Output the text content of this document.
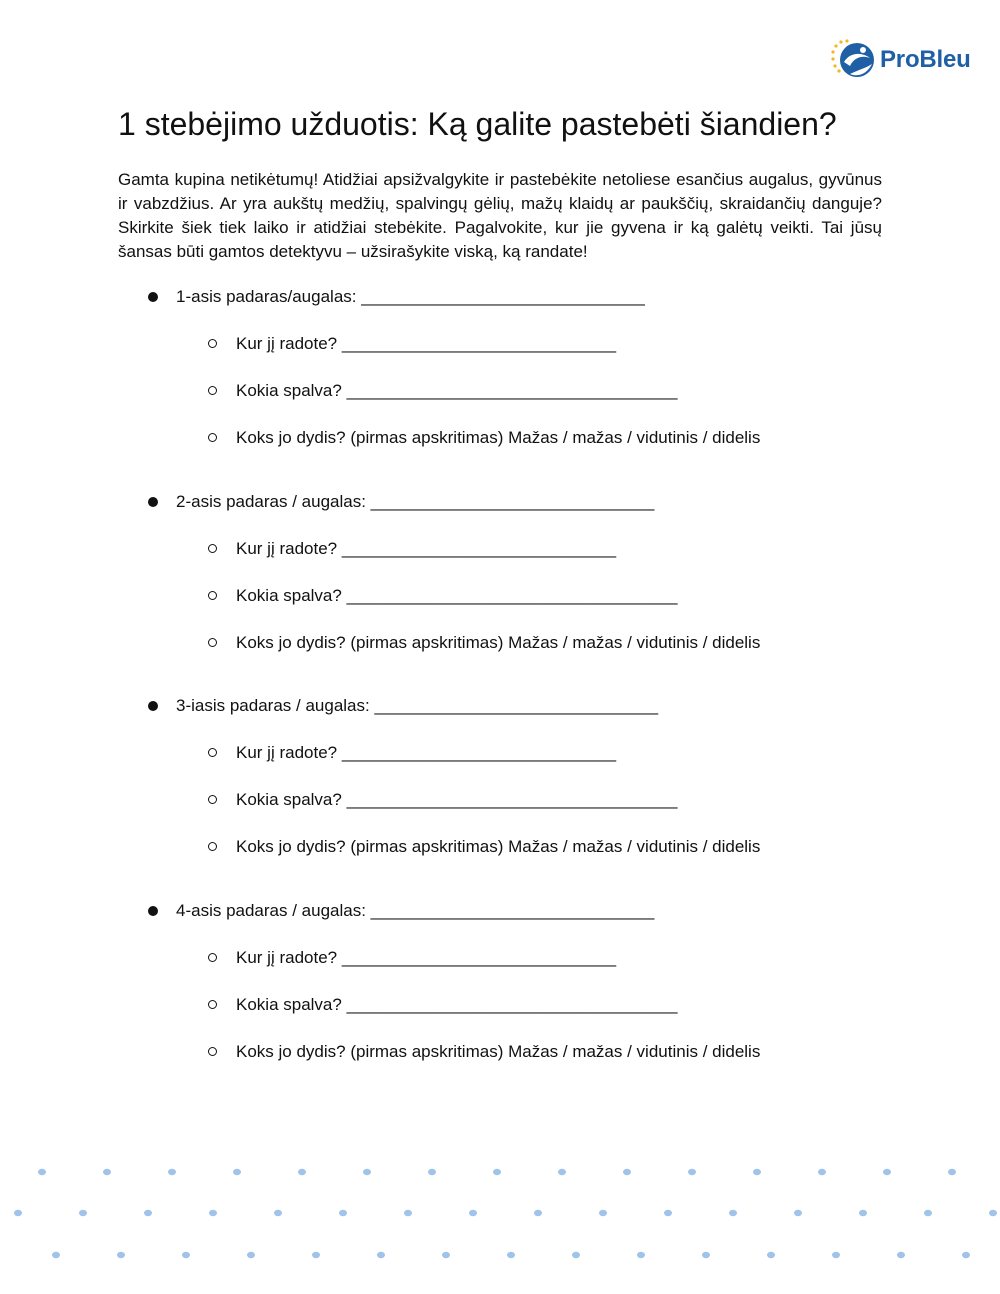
ProBleu
1 stebėjimo užduotis: Ką galite pastebėti šiandien?

Gamta kupina netikėtumų! Atidžiai apsižvalgykite ir pastebėkite netoliese esančius augalus, gyvūnus ir vabzdžius. Ar yra aukštų medžių, spalvingų gėlių, mažų klaidų ar paukščių, skraidančių danguje? Skirkite šiek tiek laiko ir atidžiai stebėkite. Pagalvokite, kur jie gyvena ir ką galėtų veikti. Tai jūsų šansas būti gamtos detektyvu – užsirašykite viską, ką randate!

1-asis padaras/augalas: ______________________________
Kur jį radote? _____________________________
Kokia spalva? ___________________________________
Koks jo dydis? (pirmas apskritimas) Mažas / mažas / vidutinis / didelis
2-asis padaras / augalas: ______________________________
Kur jį radote? _____________________________
Kokia spalva? ___________________________________
Koks jo dydis? (pirmas apskritimas) Mažas / mažas / vidutinis / didelis
3-iasis padaras / augalas: ______________________________
Kur jį radote? _____________________________
Kokia spalva? ___________________________________
Koks jo dydis? (pirmas apskritimas) Mažas / mažas / vidutinis / didelis
4-asis padaras / augalas: ______________________________
Kur jį radote? _____________________________
Kokia spalva? ___________________________________
Koks jo dydis? (pirmas apskritimas) Mažas / mažas / vidutinis / didelis
